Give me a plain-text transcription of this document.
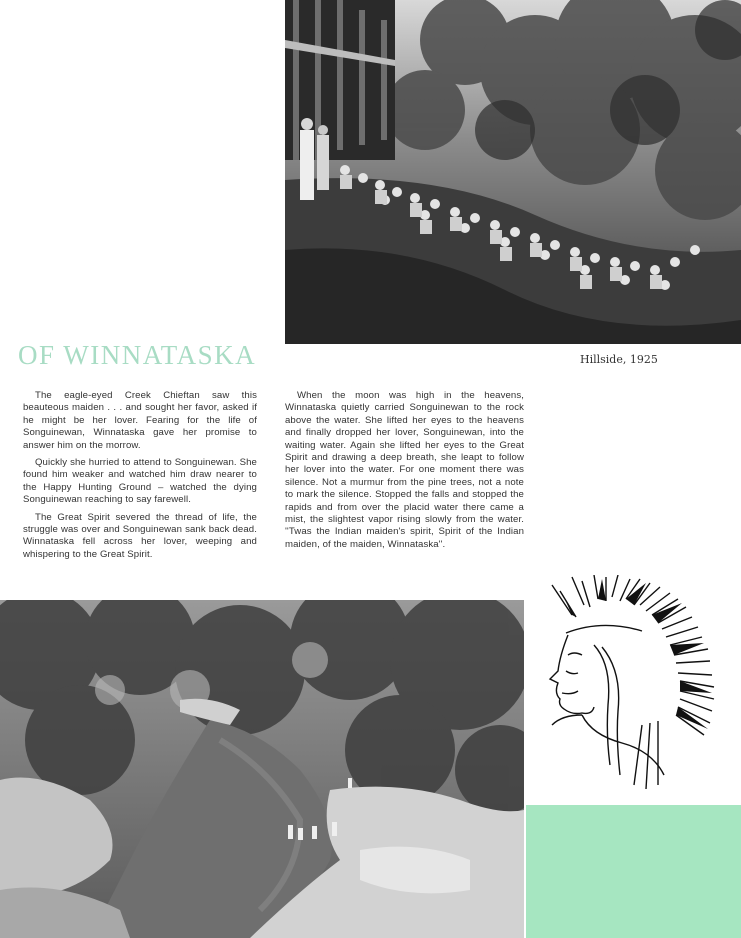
OF WINNATASKA	Hillside, 1925

The eagle-eyed Creek Chieftan saw this beauteous maiden . . . and sought her favor, asked if he might be her lover. Fearing for the life of Songuinewan, Winnataska gave her promise to answer him on the morrow.

Quickly she hurried to attend to Songuinewan. She found him weaker and watched him draw nearer to the Happy Hunting Ground – watched the dying Songuinewan reaching to say farewell.

The Great Spirit severed the thread of life, the struggle was over and Songuinewan sank back dead. Winnataska fell across her lover, weeping and whispering to the Great Spirit.

When the moon was high in the heavens, Winnataska quietly carried Songuinewan to the rock above the water. She lifted her eyes to the heavens and finally dropped her lover, Songuinewan, into the waiting water. Again she lifted her eyes to the Great Spirit and drawing a deep breath, she leapt to follow her lover into the water. For one moment there was silence. Not a murmur from the pine trees, not a note to mark the silence. Stopped the falls and stopped the rapids and from over the placid water there came a mist, the slightest vapor rising slowly from the water. ''Twas the Indian maiden's spirit, Spirit of the Indian maiden, of the maiden, Winnataska''.
